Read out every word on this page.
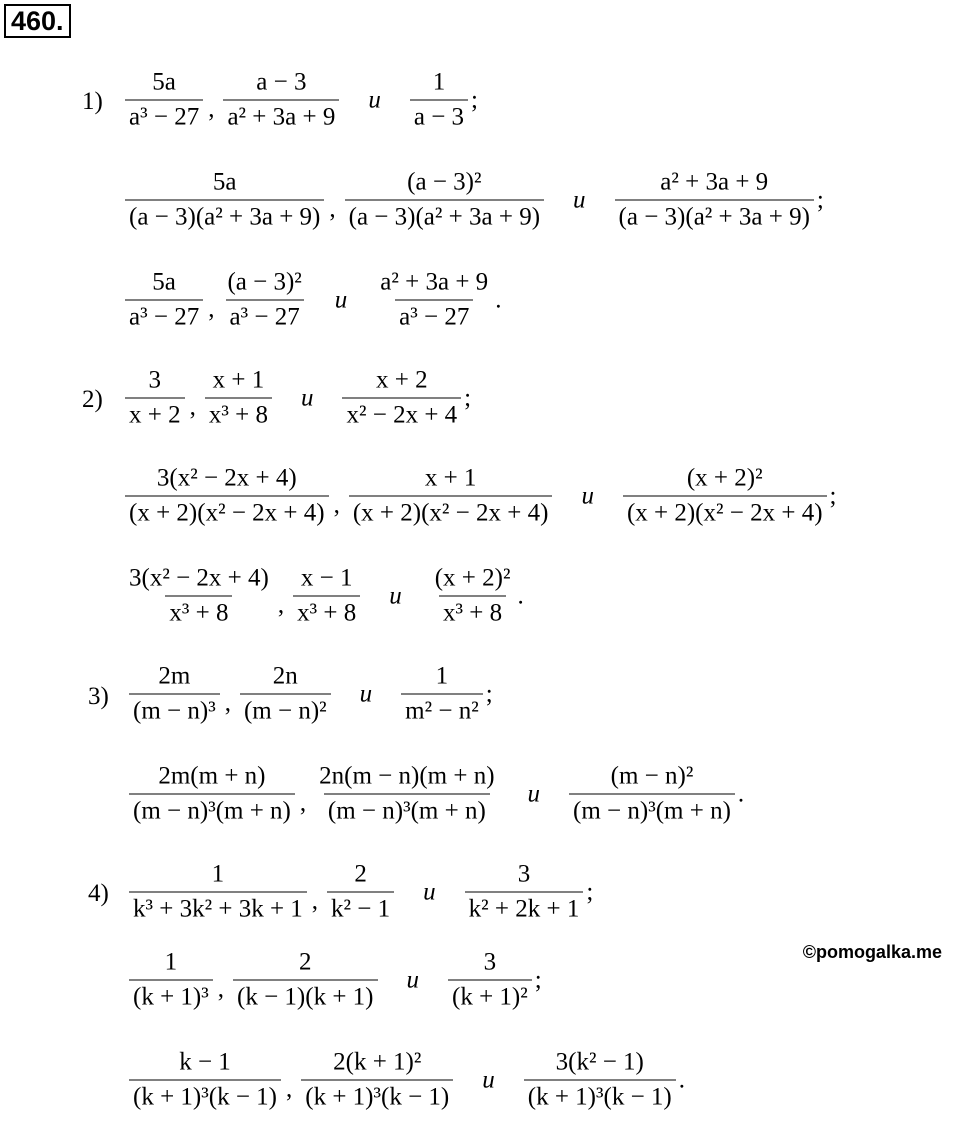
460.
©pomogalka.me
$1) \frac{5a}{\text{a³ − 27}}$ , $\frac{a - 3}{\text{a² + 3a + 9}}$ и $\frac{1}{a - 3}$ ;
$\frac{5a}{\text{(a − 3)(a² + 3a + 9)}}$ , $\frac{\text{(a − 3)²}}{\text{(a − 3)(a² + 3a + 9)}}$ и $\frac{\text{a² + 3a + 9}}{\text{(a − 3)(a² + 3a + 9)}}$ ;
$\frac{5a}{\text{a³ − 27}}$ , $\frac{\text{(a − 3)²}}{\text{a³ − 27}}$ и $\frac{\text{a² + 3a + 9}}{\text{a³ − 27}}$ .
$2) \frac{3}{x + 2}$ , $\frac{x + 1}{\text{x³ + 8}}$ и $\frac{x + 2}{\text{x² − 2x + 4}}$ ;
$\frac{\text{3(x² − 2x + 4)}}{\text{(x + 2)(x² − 2x + 4)}}$ , $\frac{x + 1}{\text{(x + 2)(x² − 2x + 4)}}$ и $\frac{\text{(x + 2)²}}{\text{(x + 2)(x² − 2x + 4)}}$ ;
$\frac{\text{3(x² − 2x + 4)}}{\text{x³ + 8}}$ , $\frac{x - 1}{\text{x³ + 8}}$ и $\frac{\text{(x + 2)²}}{\text{x³ + 8}}$ .
$3) \frac{2m}{\text{(m − n)³}}$ , $\frac{2n}{\text{(m − n)²}}$ и $\frac{1}{\text{m² − n²}}$ ;
$\frac{2m(m + n)}{\text{(m − n)³(m + n)}}$ , $\frac{2n(m - n)(m + n)}{\text{(m − n)³(m + n)}}$ и $\frac{\text{(m − n)²}}{\text{(m − n)³(m + n)}}$ .
$4) \frac{1}{\text{k³ + 3k² + 3k + 1}}$ , $\frac{2}{\text{k² − 1}}$ и $\frac{3}{\text{k² + 2k + 1}}$ ;
$\frac{1}{\text{(k + 1)³}}$ , $\frac{2}{(k - 1)(k + 1)}$ и $\frac{3}{\text{(k + 1)²}}$ ;
$\frac{k - 1}{\text{(k + 1)³(k − 1)}}$ , $\frac{\text{2(k + 1)²}}{\text{(k + 1)³(k − 1)}}$ и $\frac{\text{3(k² − 1)}}{\text{(k + 1)³(k − 1)}}$ .
